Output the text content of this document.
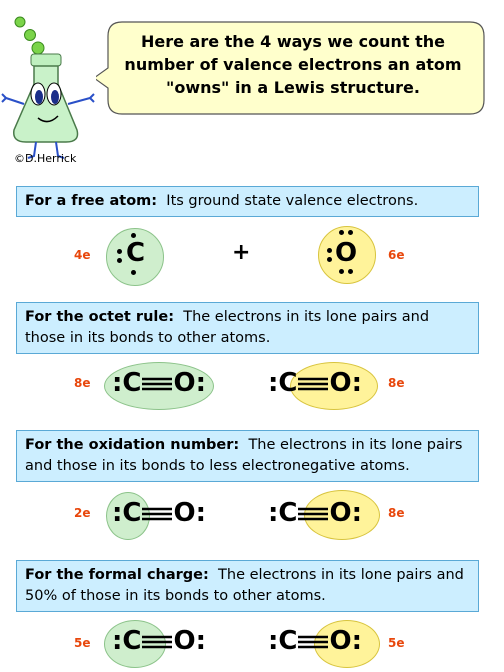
©D.Herrick
Here are the 4 ways we count the number of valence electrons an atom "owns" in a Lewis structure.
For a free atom: Its ground state valence electrons.
4e C	+	O	6e
For the octet rule: The electrons in its lone pairs and those in its bonds to other atoms.
8e :C O: :C O: 8e
For the oxidation number: The electrons in its lone pairs and those in its bonds to less electronegative atoms.
2e :C O: :C O: 8e
For the formal charge: The electrons in its lone pairs and 50% of those in its bonds to other atoms.
5e :C O: :C O: 5e
